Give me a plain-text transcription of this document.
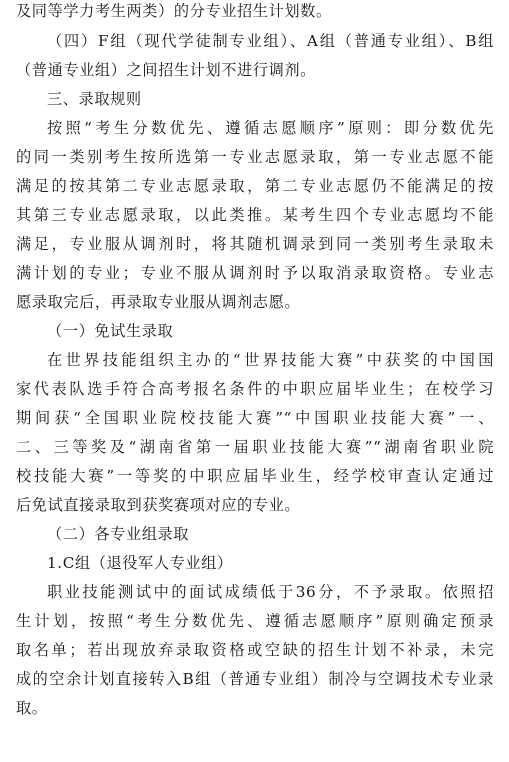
及同等学力考生两类）的分专业招生计划数。
（四）F组（现代学徒制专业组）、A组（普通专业组）、B组
（普通专业组）之间招生计划不进行调剂。
三、录取规则
按照“考生分数优先、遵循志愿顺序”原则：即分数优先
的同一类别考生按所选第一专业志愿录取，第一专业志愿不能
满足的按其第二专业志愿录取，第二专业志愿仍不能满足的按
其第三专业志愿录取，以此类推。某考生四个专业志愿均不能
满足，专业服从调剂时，将其随机调录到同一类别考生录取未
满计划的专业；专业不服从调剂时予以取消录取资格。专业志
愿录取完后，再录取专业服从调剂志愿。
（一）免试生录取
在世界技能组织主办的“世界技能大赛”中获奖的中国国
家代表队选手符合高考报名条件的中职应届毕业生；在校学习
期间获“全国职业院校技能大赛”“中国职业技能大赛”一、
二、三等奖及“湖南省第一届职业技能大赛”“湖南省职业院
校技能大赛”一等奖的中职应届毕业生，经学校审查认定通过
后免试直接录取到获奖赛项对应的专业。
（二）各专业组录取
1.C组（退役军人专业组）
职业技能测试中的面试成绩低于36分，不予录取。依照招
生计划，按照“考生分数优先、遵循志愿顺序”原则确定预录
取名单；若出现放弃录取资格或空缺的招生计划不补录，未完
成的空余计划直接转入B组（普通专业组）制冷与空调技术专业录
取。
